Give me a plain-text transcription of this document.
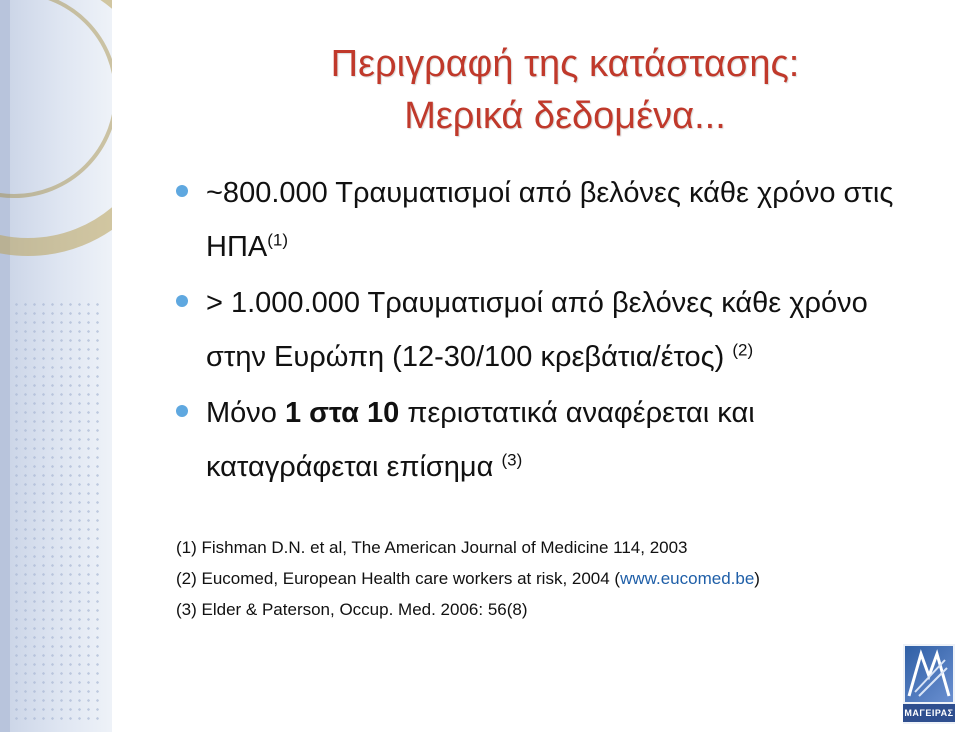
Περιγραφή της κατάστασης:
Μερικά δεδομένα...
~800.000 Τραυματισμοί από βελόνες κάθε χρόνο στις $H\Pi A^{(1)}$
> 1.000.000 Τραυματισμοί από βελόνες κάθε χρόνο στην Ευρώπη (12-30/100 κρεβάτια/έτος) $^{(2)}$
Μόνο 1 στα 10 περιστατικά αναφέρεται και καταγράφεται επίσημα $^{(3)}$
(1) Fishman D.N. et al, The American Journal of Medicine 114, 2003
(2) Eucomed, European Health care workers at risk, 2004 (www.eucomed.be)
(3) Elder & Paterson, Occup. Med. 2006: 56(8)
ΜΑΓΕΙΡΑΣ
